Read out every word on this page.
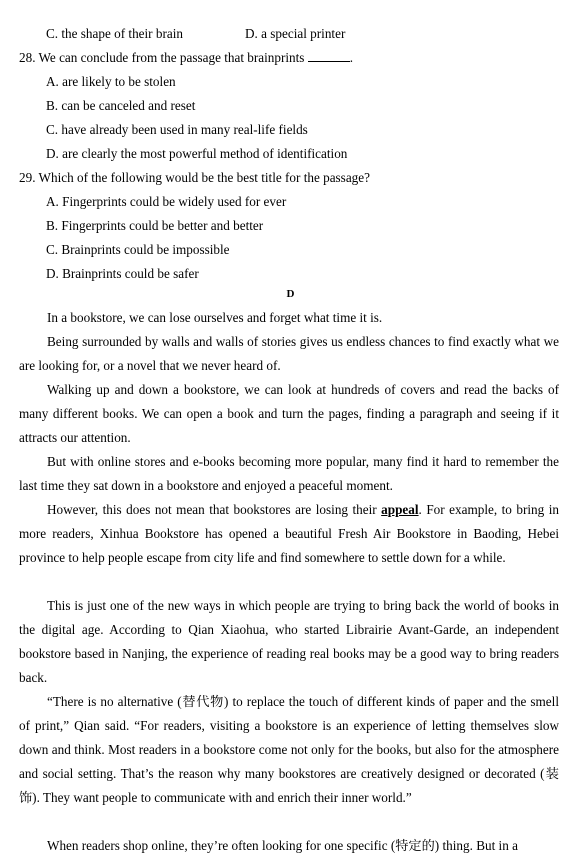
C. the shape of their brain	D. a special printer
28. We can conclude from the passage that brainprints	.
A. are likely to be stolen
B. can be canceled and reset
C. have already been used in many real-life fields
D. are clearly the most powerful method of identification
29. Which of the following would be the best title for the passage?
A. Fingerprints could be widely used for ever
B. Fingerprints could be better and better
C. Brainprints could be impossible
D. Brainprints could be safer
D
In a bookstore, we can lose ourselves and forget what time it is.
Being surrounded by walls and walls of stories gives us endless chances to find exactly what we are looking for, or a novel that we never heard of.
Walking up and down a bookstore, we can look at hundreds of covers and read the backs of many different books. We can open a book and turn the pages, finding a paragraph and seeing if it attracts our attention.
But with online stores and e-books becoming more popular, many find it hard to remember the last time they sat down in a bookstore and enjoyed a peaceful moment.
However, this does not mean that bookstores are losing their appeal. For example, to bring in more readers, Xinhua Bookstore has opened a beautiful Fresh Air Bookstore in Baoding, Hebei province to help people escape from city life and find somewhere to settle down for a while.
This is just one of the new ways in which people are trying to bring back the world of books in the digital age. According to Qian Xiaohua, who started Librairie Avant-Garde, an independent bookstore based in Nanjing, the experience of reading real books may be a good way to bring readers back.
“There is no alternative (替代物) to replace the touch of different kinds of paper and the smell of print,” Qian said. “For readers, visiting a bookstore is an experience of letting themselves slow down and think. Most readers in a bookstore come not only for the books, but also for the atmosphere and social setting. That’s the reason why many bookstores are creatively designed or decorated (装饰). They want people to communicate with and enrich their inner world.”
When readers shop online, they’re often looking for one specific (特定的) thing. But in a
